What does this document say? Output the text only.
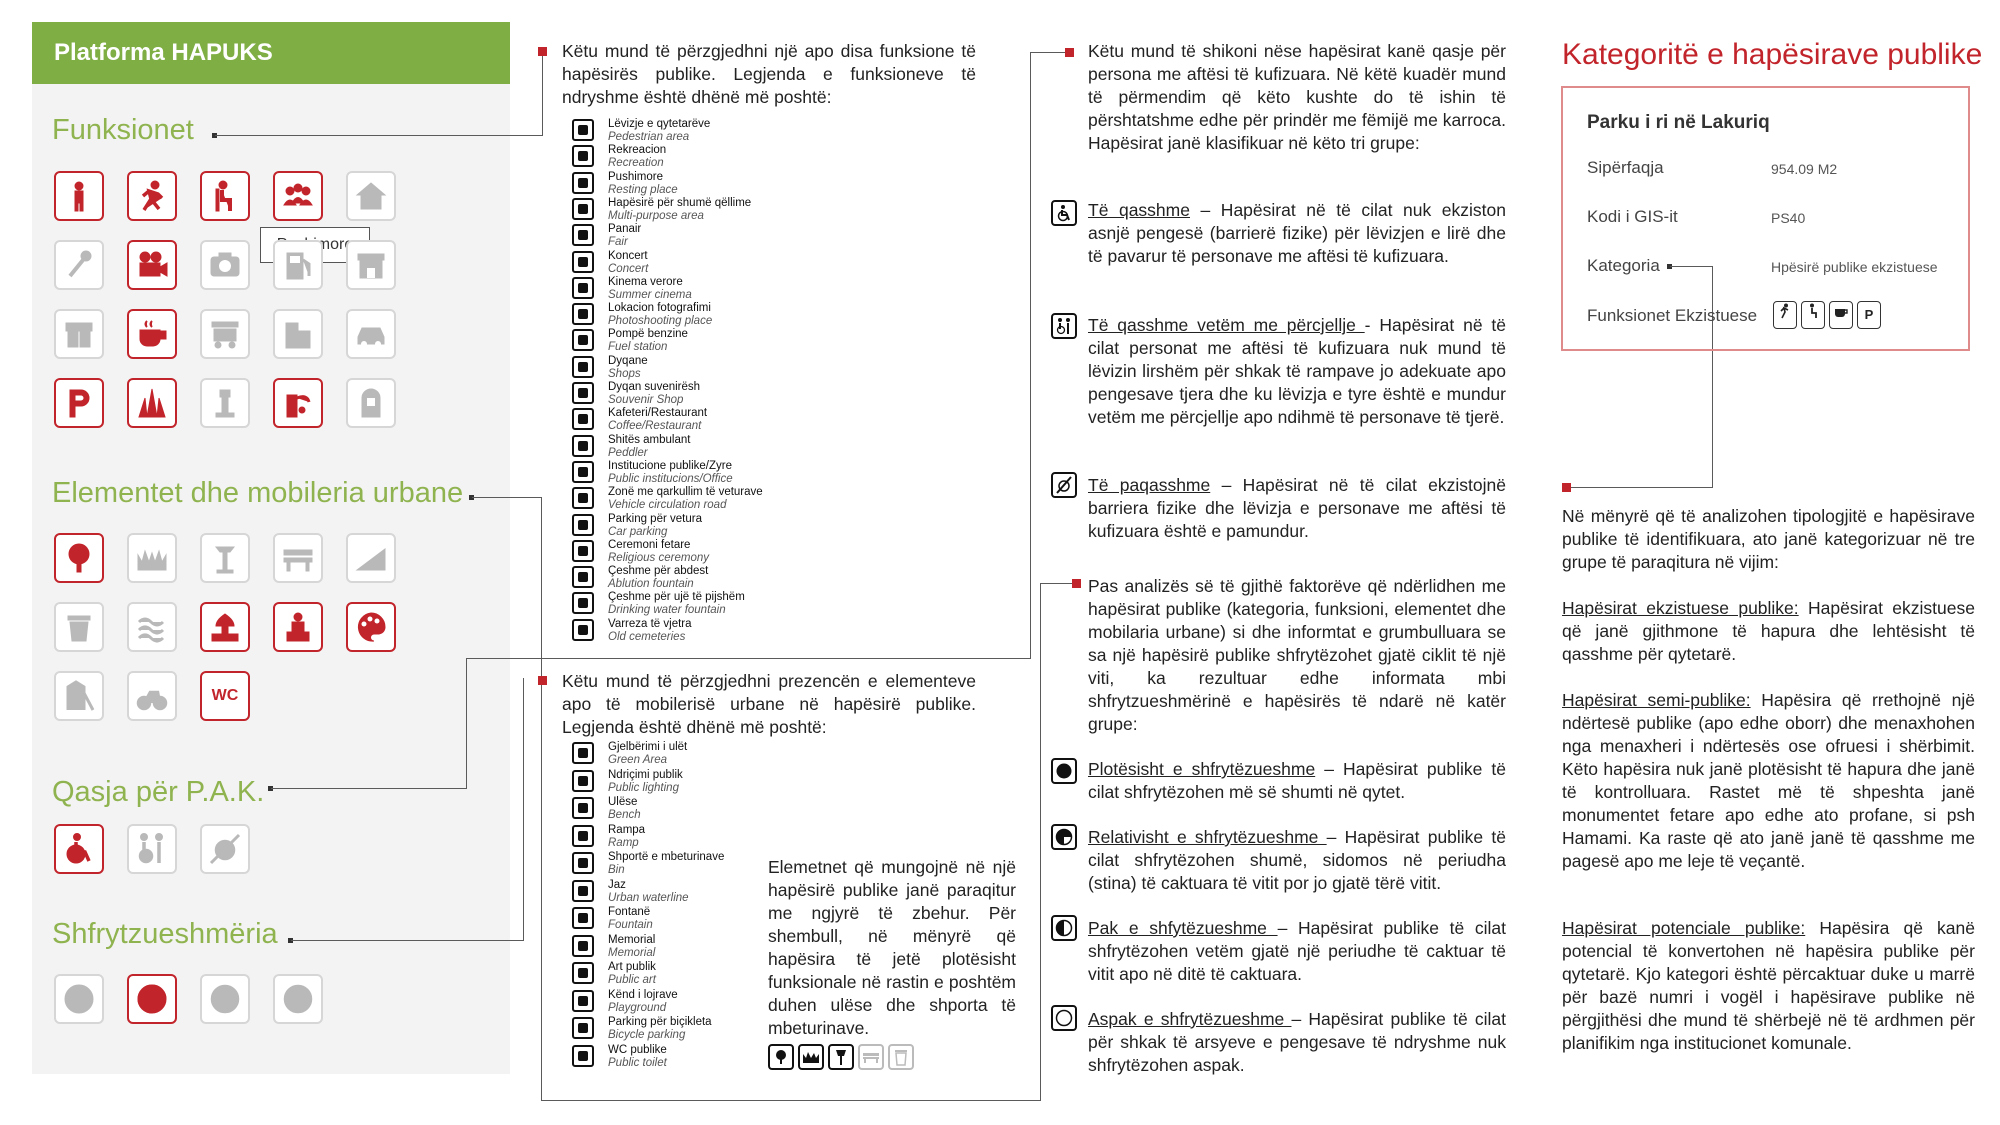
Platforma HAPUKS
Funksionet
Elementet dhe mobileria urbane
Qasja për P.A.K.
Shfrytzueshmëria
WC
Këtu mund të përzgjedhni një apo disa funksione të hapësirës publike. Legjenda e funksioneve të ndryshme është dhënë më poshtë:
Lëvizje e qytetarëve
Pedestrian area
Rekreacion
Recreation
Pushimore
Resting place
Hapësirë për shumë qëllime
Multi-purpose area
Panair
Fair
Koncert
Concert
Kinema verore
Summer cinema
Lokacion fotografimi
Photoshooting place
Pompë benzine
Fuel station
Dyqane
Shops
Dyqan suvenirësh
Souvenir Shop
Kafeteri/Restaurant
Coffee/Restaurant
Shitës ambulant
Peddler
Institucione publike/Zyre
Public institucions/Office
Zonë me qarkullim të veturave
Vehicle circulation road
Parking për vetura
Car parking
Ceremoni fetare
Religious ceremony
Çeshme për abdest
Ablution fountain
Çeshme për ujë të pijshëm
Drinking water fountain
Varreza të vjetra
Old cemeteries
Këtu mund të përzgjedhni prezencën e elementeve apo të mobilerisë urbane në hapësirë publike. Legjenda është dhënë më poshtë:
Gjelbërimi i ulët
Green Area
Ndriçimi publik
Public lighting
Ulëse
Bench
Rampa
Ramp
Shportë e mbeturinave
Bin
Jaz
Urban waterline
Fontanë
Fountain
Memorial
Memorial
Art publik
Public art
Kënd i lojrave
Playground
Parking për biçikleta
Bicycle parking
WC publike
Public toilet
Elemetnet që mungojnë në një hapësirë publike janë paraqitur me ngjyrë të zbehur. Për shembull, në mënyrë që hapësira të jetë plotësisht funksionale në rastin e poshtëm duhen ulëse dhe shporta të mbeturinave.
Këtu mund të shikoni nëse hapësirat kanë qasje për persona me aftësi të kufizuara. Në këtë kuadër mund të përmendim që këto kushte do të ishin të përshtatshme edhe për prindër me fëmijë me karroca. Hapësirat janë klasifikuar në këto tri grupe:
Të qasshme – Hapësirat në të cilat nuk ekziston asnjë pengesë (barrierë fizike) për lëvizjen e lirë dhe të pavarur të personave me aftësi të kufizuara.
Të qasshme vetëm me përcjellje - Hapësirat në të cilat personat me aftësi të kufizuara nuk mund të lëvizin lirshëm për shkak të rampave jo adekuate apo pengesave tjera dhe ku lëvizja e tyre është e mundur vetëm me përcjellje apo ndihmë të personave të tjerë.
Të paqasshme – Hapësirat në të cilat ekzistojnë barriera fizike dhe lëvizja e personave me aftësi të kufizuara është e pamundur.
Pas analizës së të gjithë faktorëve që ndërlidhen me hapësirat publike (kategoria, funksioni, elementet dhe mobilaria urbane) si dhe informtat e grumbulluara se sa një hapësirë publike shfrytëzohet gjatë ciklit të një viti, ka rezultuar edhe informata mbi shfrytzueshmërinë e hapësirës të ndarë në katër grupe:
Plotësisht e shfrytëzueshme – Hapësirat publike të cilat shfrytëzohen më së shumti në qytet.
Relativisht e shfrytëzueshme – Hapësirat publike të cilat shfrytëzohen shumë, sidomos në periudha (stina) të caktuara të vitit por jo gjatë tërë vitit.
Pak e shfytëzueshme – Hapësirat publike të cilat shfrytëzohen vetëm gjatë një periudhe të caktuar të vitit apo në ditë të caktuara.
Aspak e shfrytëzueshme – Hapësirat publike të cilat për shkak të arsyeve e pengesave të ndryshme nuk shfrytëzohen aspak.
Kategoritë e hapësirave publike
Parku i ri në Lakuriq
Sipërfaqja	954.09 M2
Kodi i GIS-it	PS40
Kategoria	Hpësirë publike ekzistuese
Funksionet Ekzistuese	P
Në mënyrë që të analizohen tipologjitë e hapësirave publike të identifikuara, ato janë kategorizuar në tre grupe të paraqitura në vijim:
Hapësirat ekzistuese publike: Hapësirat ekzistuese që janë gjithmone të hapura dhe lehtësisht të qasshme për qytetarë.
Hapësirat semi-publike: Hapësira që rrethojnë një ndërtesë publike (apo edhe oborr) dhe menaxhohen nga menaxheri i ndërtesës ose ofruesi i shërbimit. Këto hapësira nuk janë plotësisht të hapura dhe janë të kontrolluara. Rastet më të shpeshta janë monumentet fetare apo edhe ato profane, si psh Hamami. Ka raste që ato janë janë të qasshme me pagesë apo me leje të veçantë.
Hapësirat potenciale publike: Hapësira që kanë potencial të konvertohen në hapësira publike për qytetarë. Kjo kategori është përcaktuar duke u marrë për bazë numri i vogël i hapësirave publike në përgjithësi dhe mund të shërbejë në të ardhmen për planifikim nga institucionet komunale.
